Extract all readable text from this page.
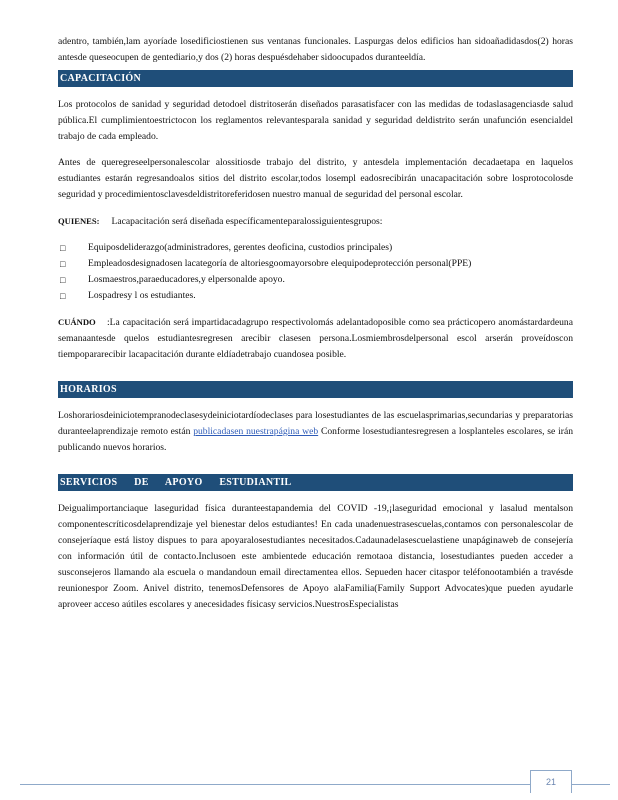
adentro, también,lam ayoríade losedificiostienen sus ventanas funcionales. Laspurgas delos edificios han sidoañadidasdos(2) horas antesde queseocupen de gentediario,y dos (2) horas despuésdehaber sidoocupados duranteeldía.

CAPACITACIÓN

Los protocolos de sanidad y seguridad detodoel distritoserán diseñados parasatisfacer con las medidas de todaslasagenciasde salud pública.El cumplimientoestrictocon los reglamentos relevantesparala sanidad y seguridad deldistrito serán unafunción esencialdel trabajo de cada empleado.

Antes de queregreseelpersonalescolar alossitiosde trabajo del distrito, y antesdela implementación decadaetapa en laquelos estudiantes estarán regresandoalos sitios del distrito escolar,todos losempl eadosrecibirán unacapacitación sobre losprotocolosde seguridad y procedimientosclavesdeldistritoreferidosen nuestro manual de seguridad del personal escolar.

QUIENES: Lacapacitación será diseñada específicamenteparalossiguientesgrupos:

□ Equiposdeliderazgo(administradores, gerentes deoficina, custodios principales)
□ Empleadosdesignadosen lacategoría de altoriesgoomayorsobre elequipodeprotección personal(PPE)
□ Losmaestros,paraeducadores,y elpersonalde apoyo.
□ Lospadresy l os estudiantes.

CUÁNDO :La capacitación será impartidacadagrupo respectivolomás adelantadoposible como sea prácticopero anomástardardeuna semanaantesde quelos estudiantesregresen arecibir clasesen persona.Losmiembrosdelpersonal escol arserán proveídoscon tiempopararecibir lacapacitación durante eldíadetrabajo cuandosea posible.

HORARIOS

Loshorariosdeiniciotempranodeclasesydeiniciotardíodeclases para losestudiantes de las escuelasprimarias,secundarias y preparatorias duranteelaprendizaje remoto están publicadasen nuestrapágina web Conforme losestudiantesregresen a losplanteles escolares, se irán publicando nuevos horarios.

SERVICIOS DE APOYO ESTUDIANTIL

Deigualimportanciaque laseguridad física duranteestapandemia del COVID -19,¡laseguridad emocional y lasalud mentalson componentescríticosdelaprendizaje yel bienestar delos estudiantes! En cada unadenuestrasescuelas,contamos con personalescolar de consejeríaque está listoy dispues to para apoyaralosestudiantes necesitados.Cadaunadelasescuelastiene unapáginaweb de consejería con información útil de contacto.Inclusoen este ambientede educación remotaoa distancia, losestudiantes pueden acceder a susconsejeros llamando ala escuela o mandandoun email directamentea ellos. Sepueden hacer citaspor teléfonootambién a travésde reunionespor Zoom. Anivel distrito, tenemosDefensores de Apoyo alaFamilia(Family Support Advocates)que pueden ayudarle aproveer acceso aútiles escolares y anecesidades físicasy servicios.NuestrosEspecialistas

21
